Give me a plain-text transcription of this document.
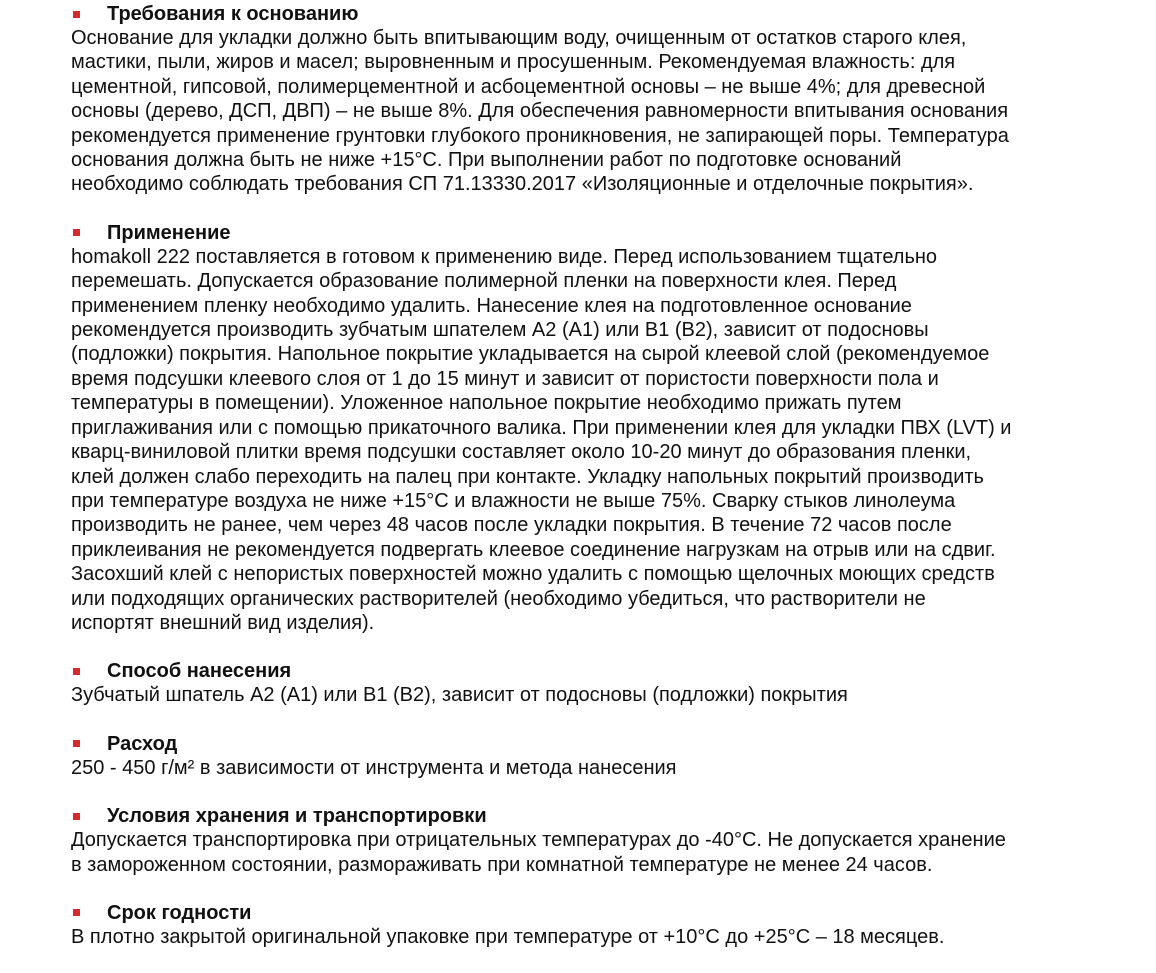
Требования к основанию

Основание для укладки должно быть впитывающим воду, очищенным от остатков старого клея,
мастики, пыли, жиров и масел; выровненным и просушенным. Рекомендуемая влажность: для
цементной, гипсовой, полимерцементной и асбоцементной основы – не выше 4%; для древесной
основы (дерево, ДСП, ДВП) – не выше 8%. Для обеспечения равномерности впитывания основания
рекомендуется применение грунтовки глубокого проникновения, не запирающей поры. Температура
основания должна быть не ниже +15°С. При выполнении работ по подготовке оснований
необходимо соблюдать требования СП 71.13330.2017 «Изоляционные и отделочные покрытия».

Применение

homakoll 222 поставляется в готовом к применению виде. Перед использованием тщательно
перемешать. Допускается образование полимерной пленки на поверхности клея. Перед
применением пленку необходимо удалить. Нанесение клея на подготовленное основание
рекомендуется производить зубчатым шпателем А2 (А1) или В1 (В2), зависит от подосновы
(подложки) покрытия. Напольное покрытие укладывается на сырой клеевой слой (рекомендуемое
время подсушки клеевого слоя от 1 до 15 минут и зависит от пористости поверхности пола и
температуры в помещении). Уложенное напольное покрытие необходимо прижать путем
приглаживания или с помощью прикаточного валика. При применении клея для укладки ПВХ (LVT) и
кварц-виниловой плитки время подсушки составляет около 10-20 минут до образования пленки,
клей должен слабо переходить на палец при контакте. Укладку напольных покрытий производить
при температуре воздуха не ниже +15°С и влажности не выше 75%. Сварку стыков линолеума
производить не ранее, чем через 48 часов после укладки покрытия. В течение 72 часов после
приклеивания не рекомендуется подвергать клеевое соединение нагрузкам на отрыв или на сдвиг.
Засохший клей с непористых поверхностей можно удалить с помощью щелочных моющих средств
или подходящих органических растворителей (необходимо убедиться, что растворители не
испортят внешний вид изделия).

Способ нанесения

Зубчатый шпатель А2 (А1) или В1 (В2), зависит от подосновы (подложки) покрытия

Расход

250 - 450 г/м² в зависимости от инструмента и метода нанесения

Условия хранения и транспортировки

Допускается транспортировка при отрицательных температурах до -40°С. Не допускается хранение
в замороженном состоянии, размораживать при комнатной температуре не менее 24 часов.

Срок годности

В плотно закрытой оригинальной упаковке при температуре от +10°С до +25°С – 18 месяцев.
